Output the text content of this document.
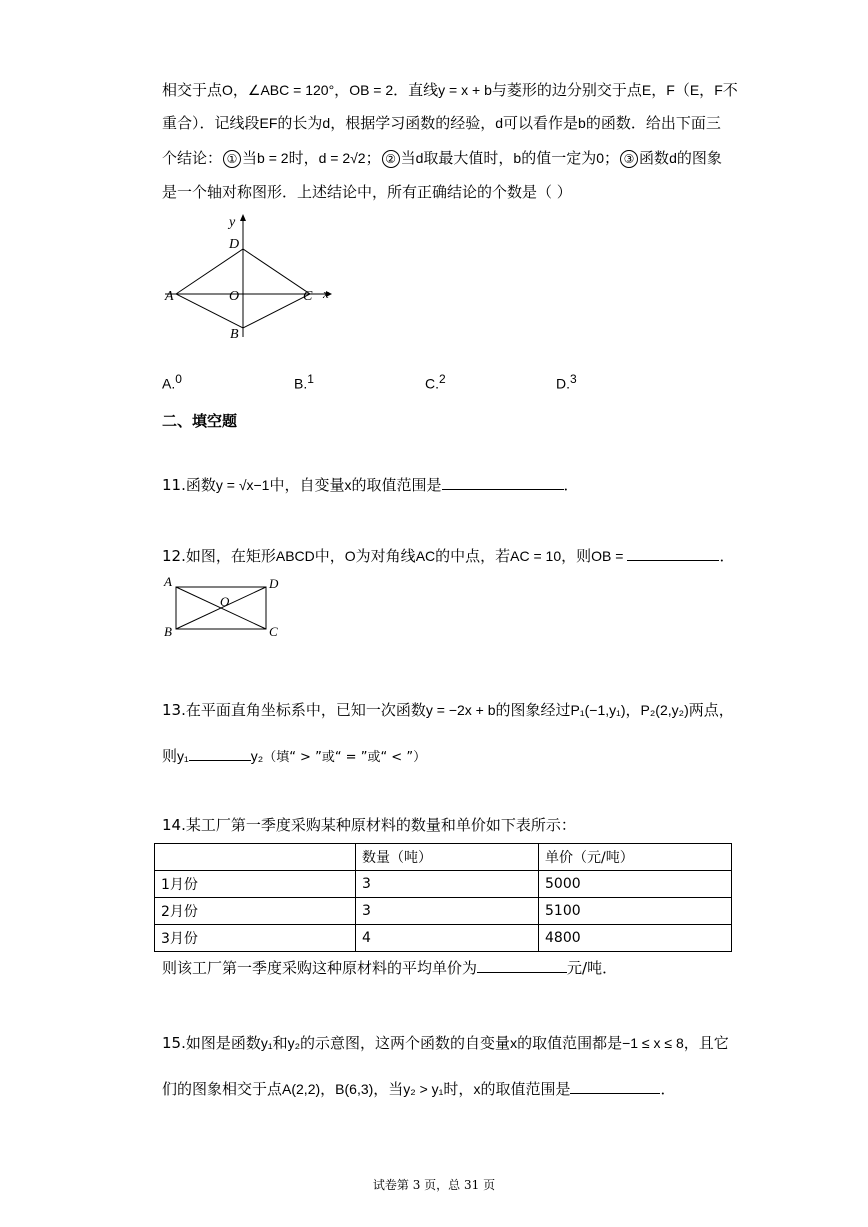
相交于点O，∠ABC = 120°，OB = 2．直线y = x + b与菱形的边分别交于点E，F（E，F不
重合）．记线段EF的长为d，根据学习函数的经验，d可以看作是b的函数．给出下面三
个结论： ① 当b = 2时，d = 2√2； ② 当d取最大值时，b的值一定为0； ③ 函数d的图象
是一个轴对称图形．上述结论中，所有正确结论的个数是（ ）
y
D
A	O	C x
B
A.$^0$	B.$^1$	C.$^2$	D.$^3$
二、填空题
11.函数y = √x−1中，自变量x的取值范围是	．
12.如图，在矩形ABCD中，O为对角线AC的中点，若AC = 10，则OB =	．
A	D
O
B	C
13.在平面直角坐标系中，已知一次函数y = −2x + b的图象经过P₁(−1,y₁)，P₂(2,y₂)两点，
则y₁	y₂（填“ > ”或“ = ”或“ < ”）
14.某工厂第一季度采购某种原材料的数量和单价如下表所示：
	数量（吨）	单价（元/吨）
1月份	3	5000
2月份	3	5100
3月份	4	4800
则该工厂第一季度采购这种原材料的平均单价为	元/吨．
15.如图是函数y₁和y₂的示意图，这两个函数的自变量x的取值范围都是−1 ≤ x ≤ 8，且它
们的图象相交于点A(2,2)，B(6,3)，当y₂ > y₁时，x的取值范围是	．
试卷第 3 页，总 31 页
